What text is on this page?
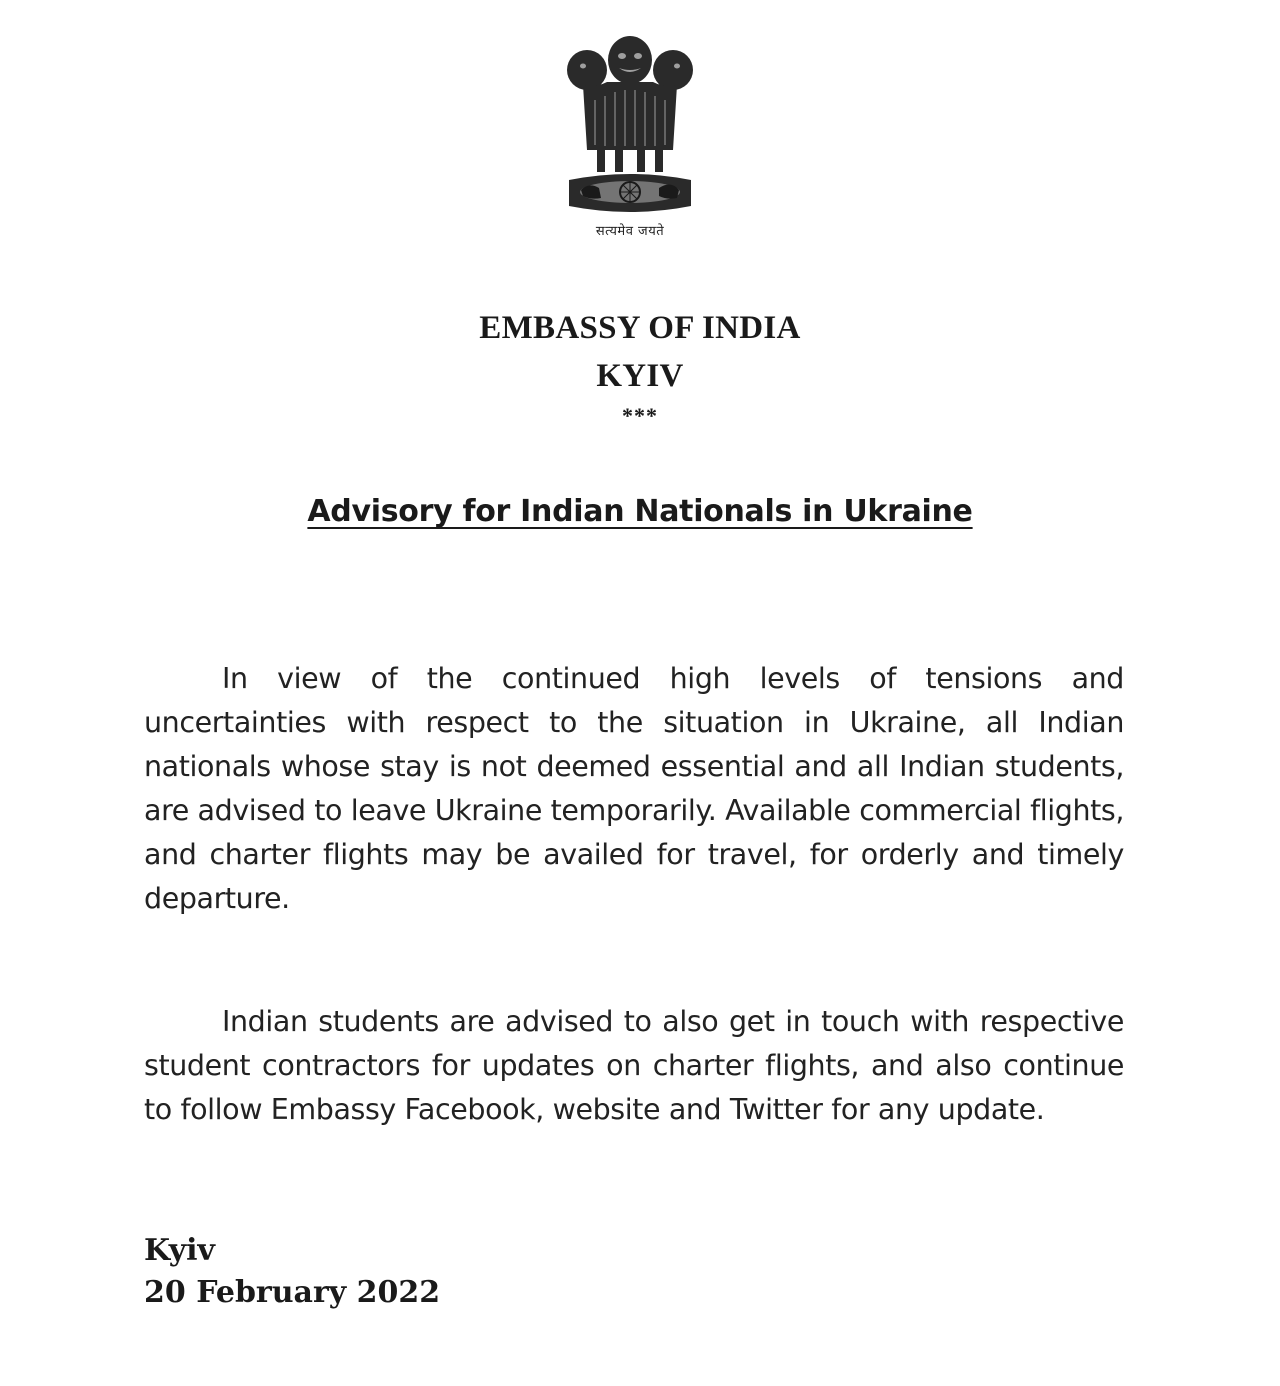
सत्यमेव जयते
EMBASSY OF INDIA
KYIV
***
Advisory for Indian Nationals in Ukraine

In view of the continued high levels of tensions and uncertainties with respect to the situation in Ukraine, all Indian nationals whose stay is not deemed essential and all Indian students, are advised to leave Ukraine temporarily. Available commercial flights, and charter flights may be availed for travel, for orderly and timely departure.

Indian students are advised to also get in touch with respective student contractors for updates on charter flights, and also continue to follow Embassy Facebook, website and Twitter for any update.

Kyiv
20 February 2022
